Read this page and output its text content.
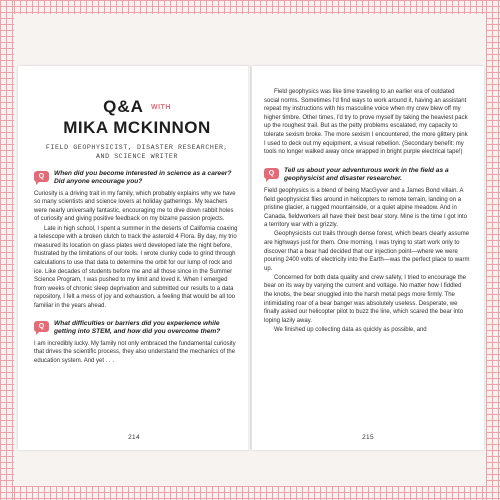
Q&A WITH
MIKA MCKINNON
FIELD GEOPHYSICIST, DISASTER RESEARCHER,
AND SCIENCE WRITER
Q	When did you become interested in science as a career? Did anyone encourage you?

Curiosity is a driving trait in my family, which probably explains why we have so many scientists and science lovers at holiday gatherings. My teachers were nearly universally fantastic, encouraging me to dive down rabbit holes of curiosity and giving positive feedback on my bizarre passion projects.

Late in high school, I spent a summer in the deserts of California coaxing a telescope with a broken clutch to track the asteroid 4 Flora. By day, my trio measured its location on glass plates we'd developed late the night before, frustrated by the limitations of our tools. I wrote clunky code to grind through calculations to use that data to determine the orbit for our lump of rock and ice. Like decades of students before me and all those since in the Summer Science Program, I was pushed to my limit and loved it. When I emerged from weeks of chronic sleep deprivation and submitted our results to a data repository, I felt a mess of joy and exhaustion, a feeling that would be all too familiar in the years ahead.

Q	What difficulties or barriers did you experience while getting into STEM, and how did you overcome them?

I am incredibly lucky. My family not only embraced the fundamental curiosity that drives the scientific process, they also understand the mechanics of the education system. And yet . . .

214

Field geophysics was like time traveling to an earlier era of outdated social norms. Sometimes I'd find ways to work around it, having an assistant repeat my instructions with his masculine voice when my crew blew off my higher timbre. Other times, I'd try to prove myself by taking the heaviest pack up the roughest trail. But as the petty problems escalated, my capacity to tolerate sexism broke. The more sexism I encountered, the more glittery pink I used to deck out my equipment, a visual rebellion. (Secondary benefit: my tools no longer walked away once wrapped in bright purple electrical tape!)

Q	Tell us about your adventurous work in the field as a geophysicist and disaster researcher.

Field geophysics is a blend of being MacGyver and a James Bond villain. A field geophysicist flies around in helicopters to remote terrain, landing on a pristine glacier, a rugged mountainside, or a quiet alpine meadow. And in Canada, fieldworkers all have their best bear story. Mine is the time I got into a territory war with a grizzly.

Geophysicists cut trails through dense forest, which bears clearly assume are highways just for them. One morning, I was trying to start work only to discover that a bear had decided that our injection point—where we were pouring 2400 volts of electricity into the Earth—was the perfect place to warm up.

Concerned for both data quality and crew safety, I tried to encourage the bear on its way by varying the current and voltage. No matter how I fiddled the knobs, the bear snuggled into the harsh metal pegs more firmly. The intimidating roar of a bear banger was absolutely useless. Desperate, we finally asked our helicopter pilot to buzz the line, which scared the bear into loping lazily away.

We finished up collecting data as quickly as possible, and

215
